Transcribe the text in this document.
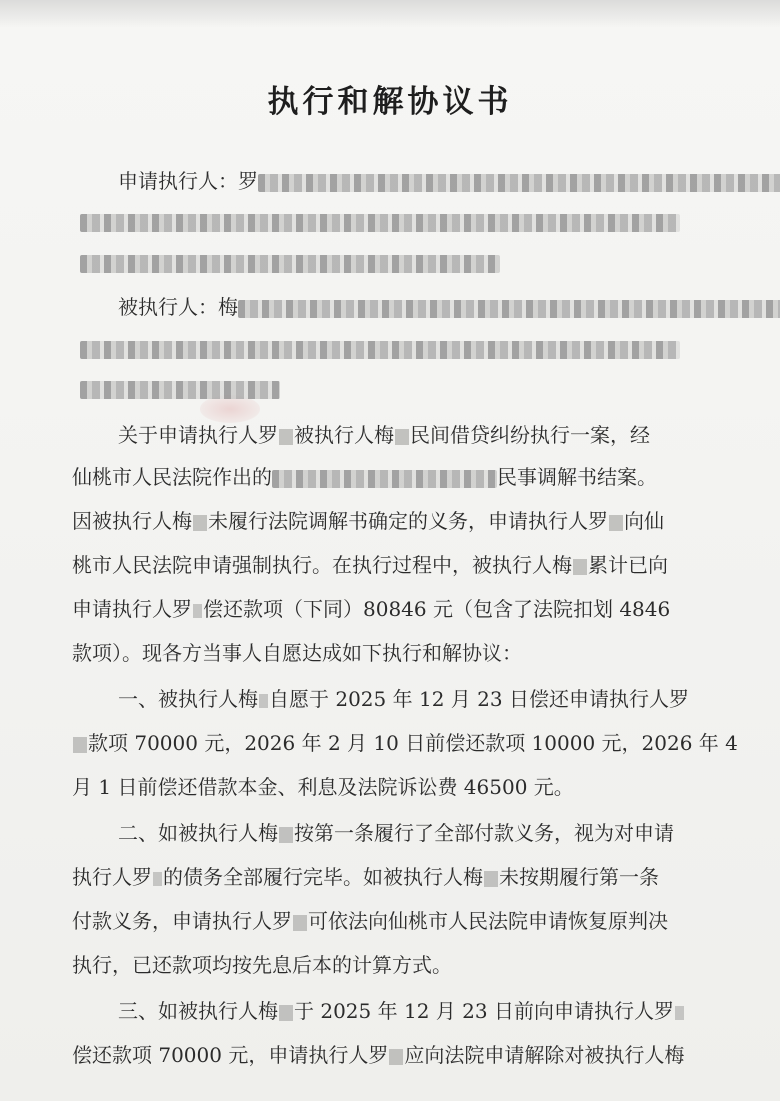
执行和解协议书
申请执行人：罗
被执行人：梅
关于申请执行人罗 被执行人梅 民间借贷纠纷执行一案，经
仙桃市人民法院作出的	民事调解书结案。
因被执行人梅 未履行法院调解书确定的义务，申请执行人罗 向仙
桃市人民法院申请强制执行。在执行过程中，被执行人梅 累计已向
申请执行人罗 偿还款项（下同）80846 元（包含了法院扣划 4846
款项）。现各方当事人自愿达成如下执行和解协议：
一、被执行人梅 自愿于 2025 年 12 月 23 日偿还申请执行人罗
款项 70000 元，2026 年 2 月 10 日前偿还款项 10000 元，2026 年 4
月 1 日前偿还借款本金、利息及法院诉讼费 46500 元。
二、如被执行人梅 按第一条履行了全部付款义务，视为对申请
执行人罗 的债务全部履行完毕。如被执行人梅 未按期履行第一条
付款义务，申请执行人罗 可依法向仙桃市人民法院申请恢复原判决
执行，已还款项均按先息后本的计算方式。
三、如被执行人梅 于 2025 年 12 月 23 日前向申请执行人罗
偿还款项 70000 元，申请执行人罗 应向法院申请解除对被执行人梅
